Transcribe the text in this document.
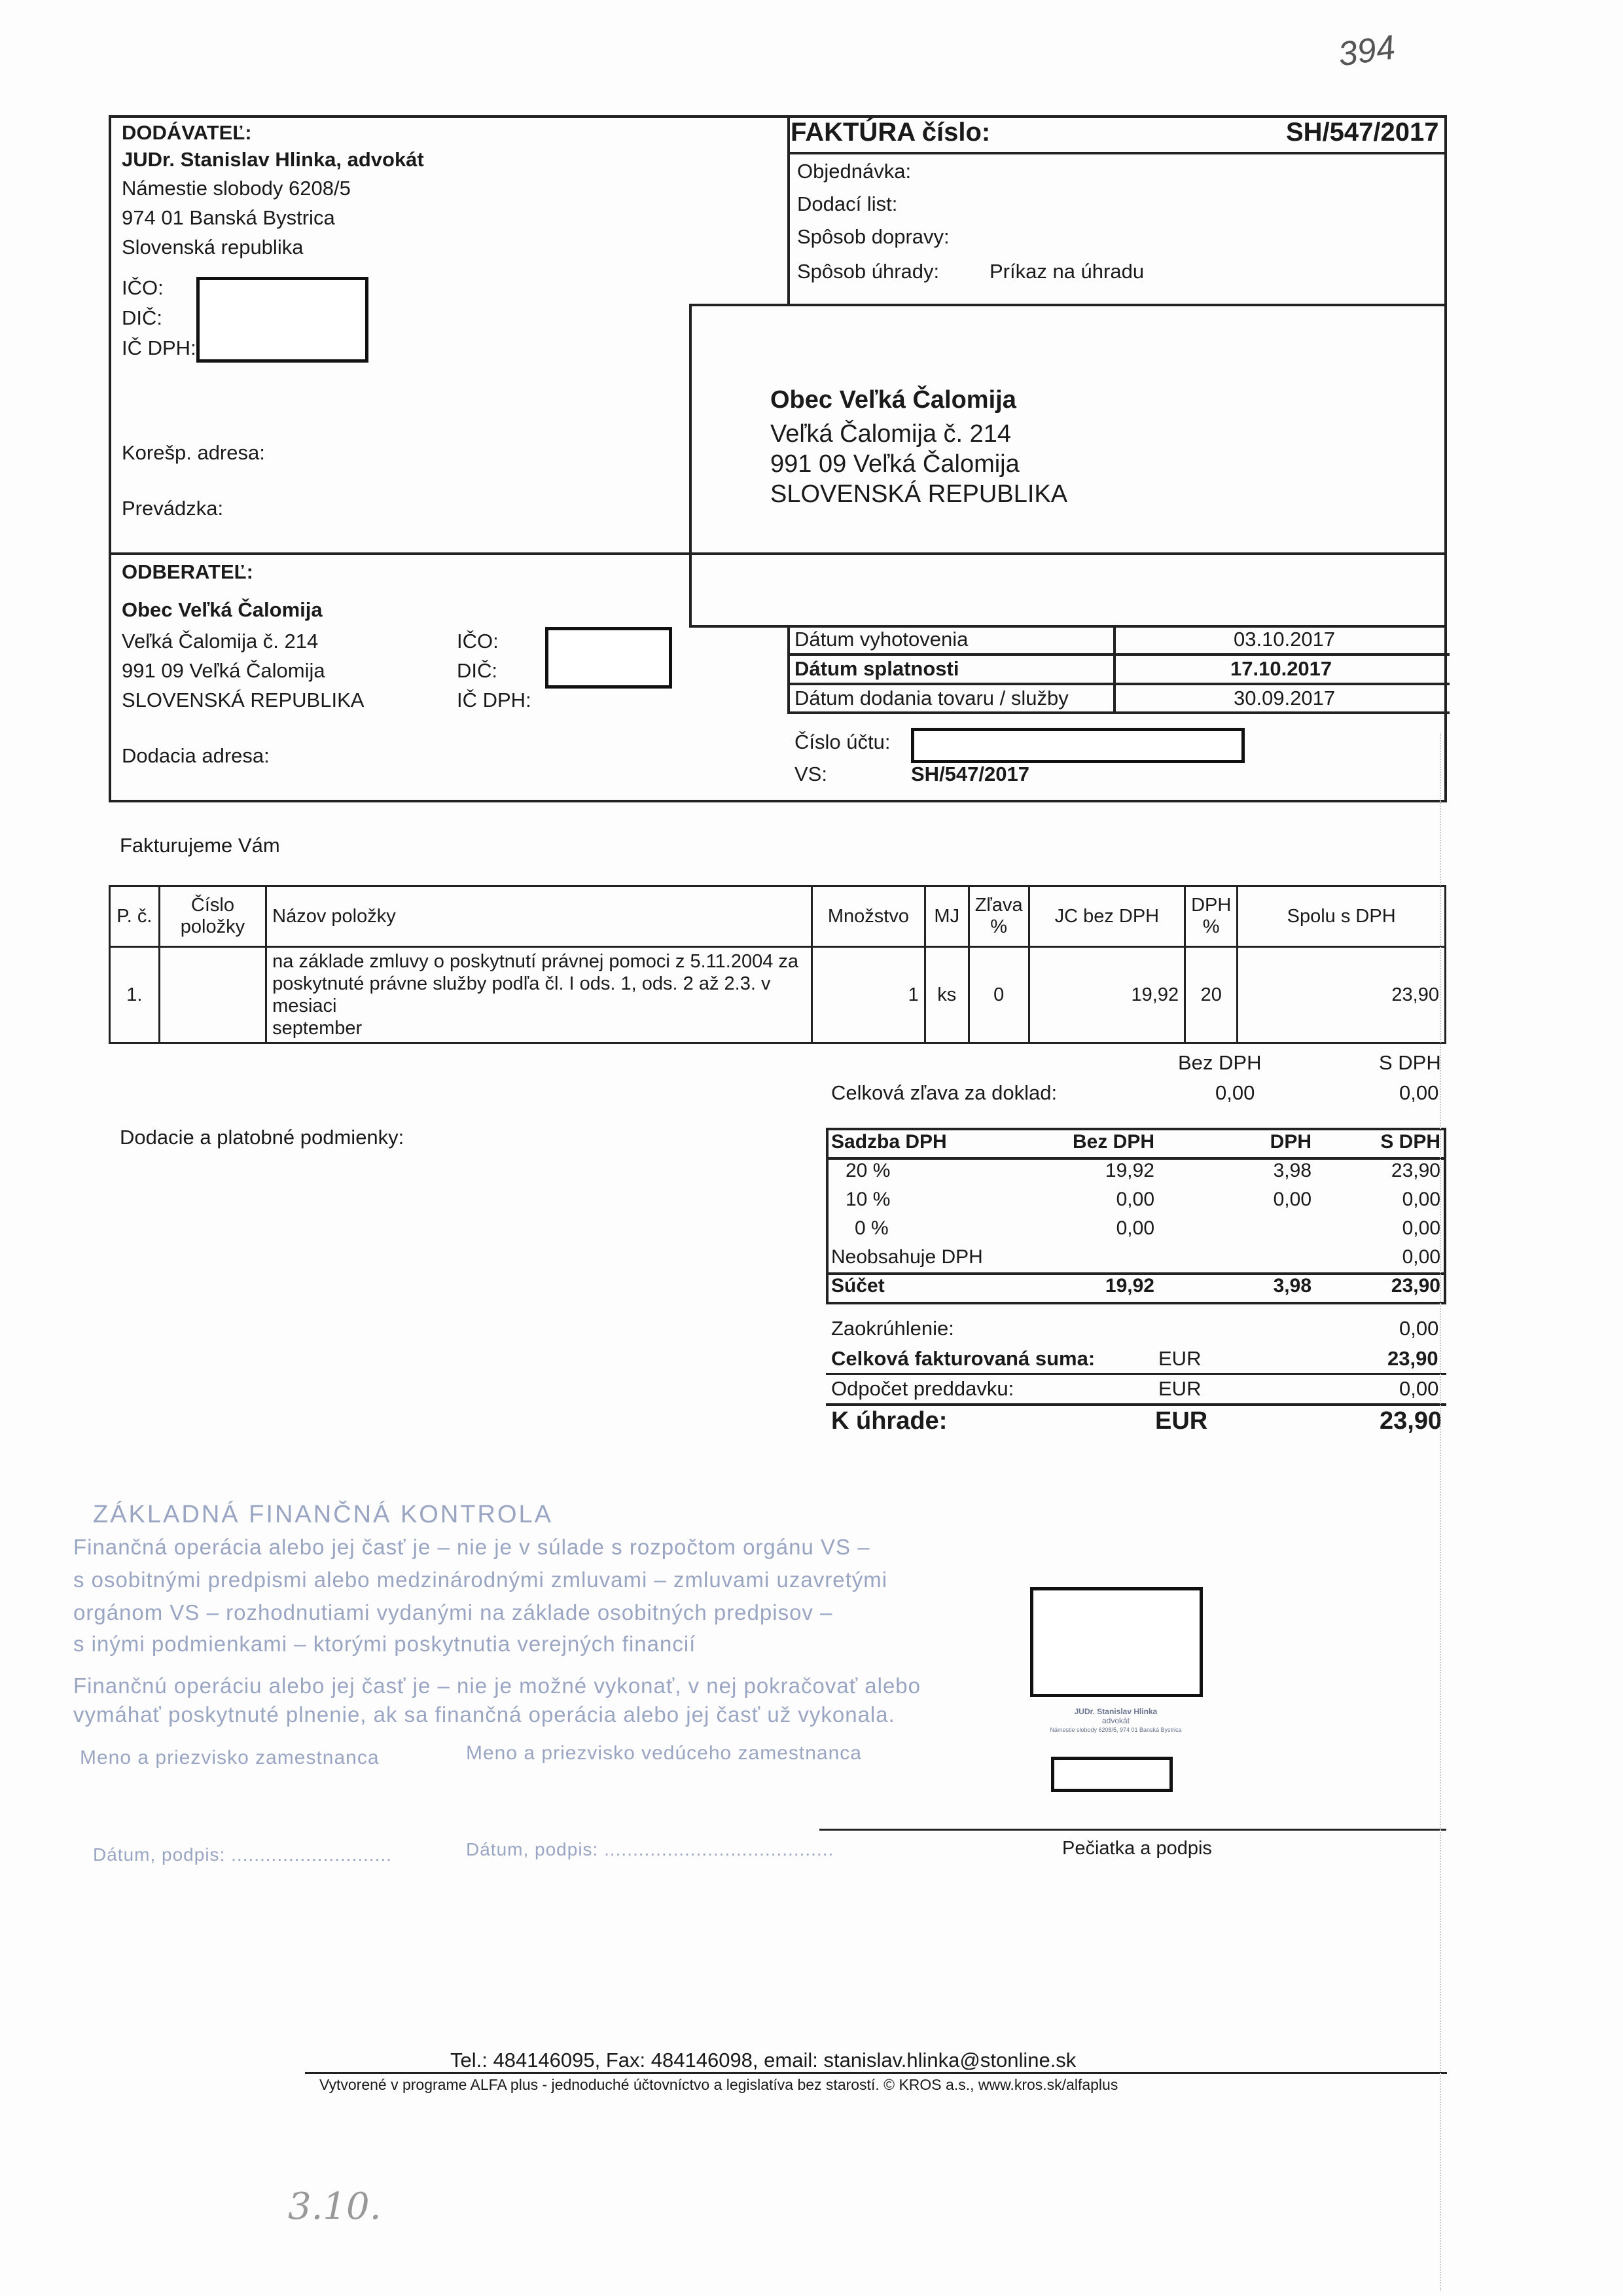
394
DODÁVATEĽ:
JUDr. Stanislav Hlinka, advokát
Námestie slobody 6208/5
974 01 Banská Bystrica
Slovenská republika
IČO:
DIČ:
IČ DPH:
Korešp. adresa:
Prevádzka:
FAKTÚRA číslo:	SH/547/2017
Objednávka:
Dodací list:
Spôsob dopravy:
Spôsob úhrady: Príkaz na úhradu
Obec Veľká Čalomija
Veľká Čalomija č. 214
991 09 Veľká Čalomija
SLOVENSKÁ REPUBLIKA
ODBERATEĽ:
Obec Veľká Čalomija
Veľká Čalomija č. 214
991 09 Veľká Čalomija
SLOVENSKÁ REPUBLIKA
IČO:
DIČ:
IČ DPH:
Dodacia adresa:
Dátum vyhotovenia	03.10.2017
Dátum splatnosti	17.10.2017
Dátum dodania tovaru / služby	30.09.2017
Číslo účtu:
VS:	SH/547/2017
Fakturujeme Vám
P. č.	Číslo položky	Názov položky	Množstvo	MJ	Zľava %	JC bez DPH	DPH %	Spolu s DPH
1.		na základe zmluvy o poskytnutí právnej pomoci z 5.11.2004 za
poskytnuté právne služby podľa čl. I ods. 1, ods. 2 až 2.3. v mesiaci
september	1	ks	0	19,92	20	23,90
Bez DPH	S DPH
Celková zľava za doklad:	0,00	0,00
Dodacie a platobné podmienky:	Sadzba DPH	Bez DPH	DPH	S DPH
20 %	19,92	3,98	23,90
10 %	0,00	0,00	0,00
0 %	0,00		0,00
Neobsahuje DPH			0,00
Súčet	19,92	3,98	23,90
Zaokrúhlenie:	0,00
Celková fakturovaná suma:	EUR	23,90
Odpočet preddavku:	EUR	0,00
K úhrade:	EUR	23,90
ZÁKLADNÁ FINANČNÁ KONTROLA
Finančná operácia alebo jej časť je – nie je v súlade s rozpočtom orgánu VS –
s osobitnými predpismi alebo medzinárodnými zmluvami – zmluvami uzavretými
orgánom VS – rozhodnutiami vydanými na základe osobitných predpisov –
s inými podmienkami – ktorými poskytnutia verejných financií
Finančnú operáciu alebo jej časť je – nie je možné vykonať, v nej pokračovať alebo
vymáhať poskytnuté plnenie, ak sa finančná operácia alebo jej časť už vykonala.
Meno a priezvisko zamestnanca	Meno a priezvisko vedúceho zamestnanca
Dátum, podpis: ............................	Dátum, podpis: ........................................
JUDr. Stanislav Hlinka
advokát
Námestie slobody 6208/5, 974 01 Banská Bystrica
Pečiatka a podpis
Tel.: 484146095, Fax: 484146098, email: stanislav.hlinka@stonline.sk
Vytvorené v programe ALFA plus - jednoduché účtovníctvo a legislatíva bez starostí. © KROS a.s., www.kros.sk/alfaplus
3.10.
